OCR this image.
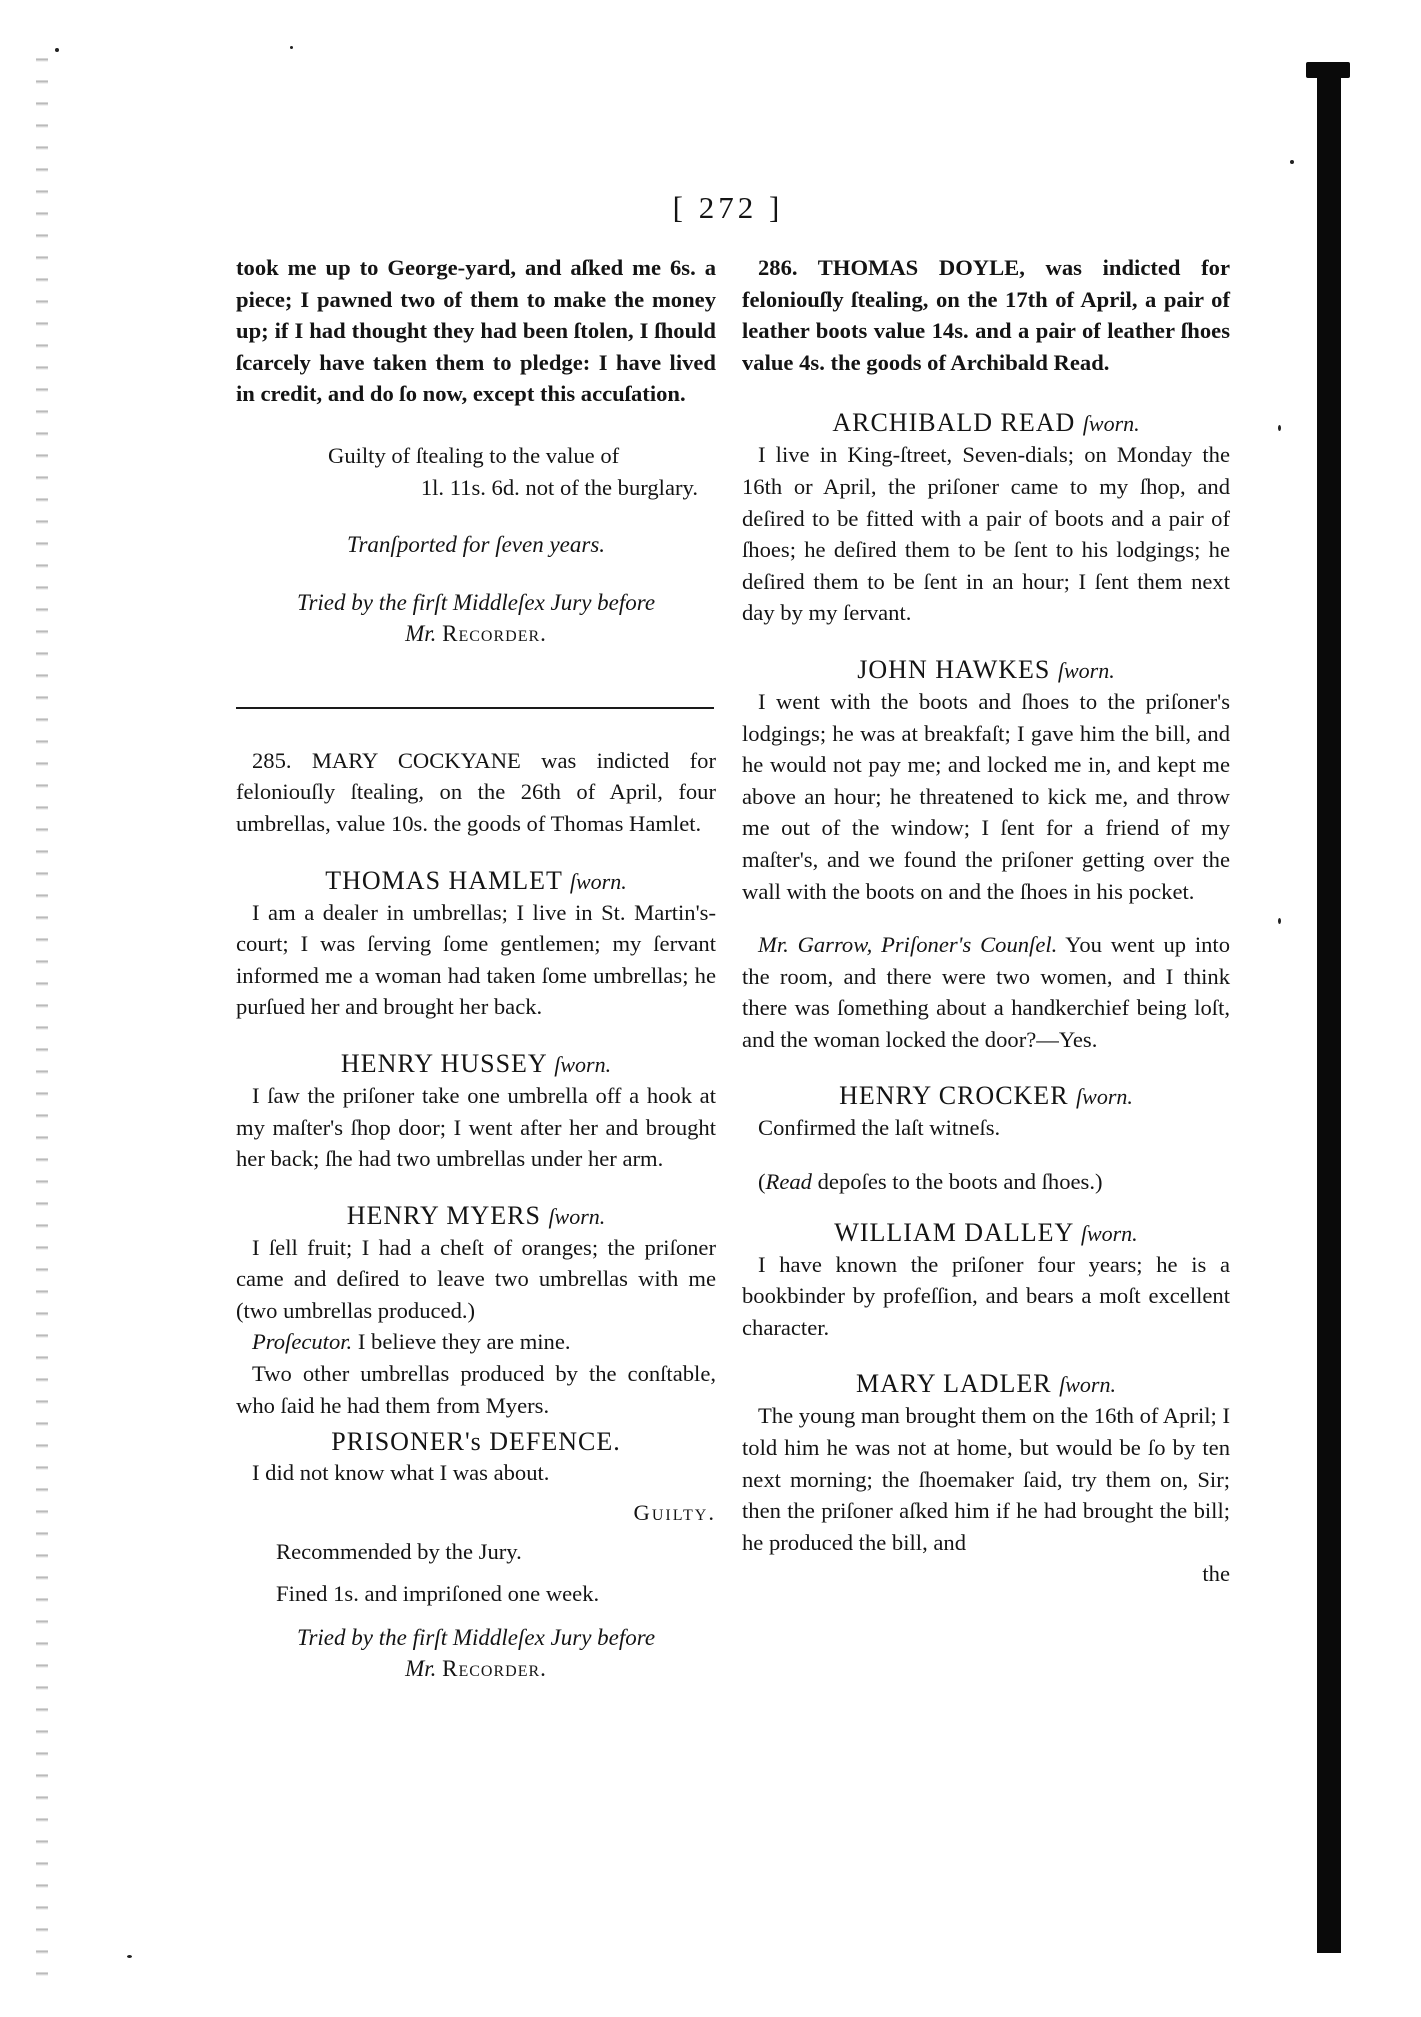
[ 272 ]

took me up to George-yard, and aſked me 6s. a piece; I pawned two of them to make the money up; if I had thought they had been ſtolen, I ſhould ſcarcely have taken them to pledge: I have lived in credit, and do ſo now, except this accuſation.

Guilty of ſtealing to the value of

1l. 11s. 6d. not of the burglary.

Tranſported for ſeven years.

Tried by the firſt Middleſex Jury before
Mr. Recorder.

285. MARY COCKYANE was indicted for feloniouſly ſtealing, on the 26th of April, four umbrellas, value 10s. the goods of Thomas Hamlet.

THOMAS HAMLET ſworn.

I am a dealer in umbrellas; I live in St. Martin's-court; I was ſerving ſome gentlemen; my ſervant informed me a woman had taken ſome umbrellas; he purſued her and brought her back.

HENRY HUSSEY ſworn.

I ſaw the priſoner take one umbrella off a hook at my maſter's ſhop door; I went after her and brought her back; ſhe had two umbrellas under her arm.

HENRY MYERS ſworn.

I ſell fruit; I had a cheſt of oranges; the priſoner came and deſired to leave two umbrellas with me (two umbrellas produced.)

Proſecutor. I believe they are mine.

Two other umbrellas produced by the conſtable, who ſaid he had them from Myers.

PRISONER's DEFENCE.

I did not know what I was about.

Guilty.

Recommended by the Jury.

Fined 1s. and impriſoned one week.

Tried by the firſt Middleſex Jury before
Mr. Recorder.

286. THOMAS DOYLE, was indicted for feloniouſly ſtealing, on the 17th of April, a pair of leather boots value 14s. and a pair of leather ſhoes value 4s. the goods of Archibald Read.

ARCHIBALD READ ſworn.

I live in King-ſtreet, Seven-dials; on Monday the 16th or April, the priſoner came to my ſhop, and deſired to be fitted with a pair of boots and a pair of ſhoes; he deſired them to be ſent to his lodgings; he deſired them to be ſent in an hour; I ſent them next day by my ſervant.

JOHN HAWKES ſworn.

I went with the boots and ſhoes to the priſoner's lodgings; he was at breakfaſt; I gave him the bill, and he would not pay me; and locked me in, and kept me above an hour; he threatened to kick me, and throw me out of the window; I ſent for a friend of my maſter's, and we found the priſoner getting over the wall with the boots on and the ſhoes in his pocket.

Mr. Garrow, Priſoner's Counſel. You went up into the room, and there were two women, and I think there was ſomething about a handkerchief being loſt, and the woman locked the door?—Yes.

HENRY CROCKER ſworn.

Confirmed the laſt witneſs.

(Read depoſes to the boots and ſhoes.)

WILLIAM DALLEY ſworn.

I have known the priſoner four years; he is a bookbinder by profeſſion, and bears a moſt excellent character.

MARY LADLER ſworn.

The young man brought them on the 16th of April; I told him he was not at home, but would be ſo by ten next morning; the ſhoemaker ſaid, try them on, Sir; then the priſoner aſked him if he had brought the bill; he produced the bill, and

the
